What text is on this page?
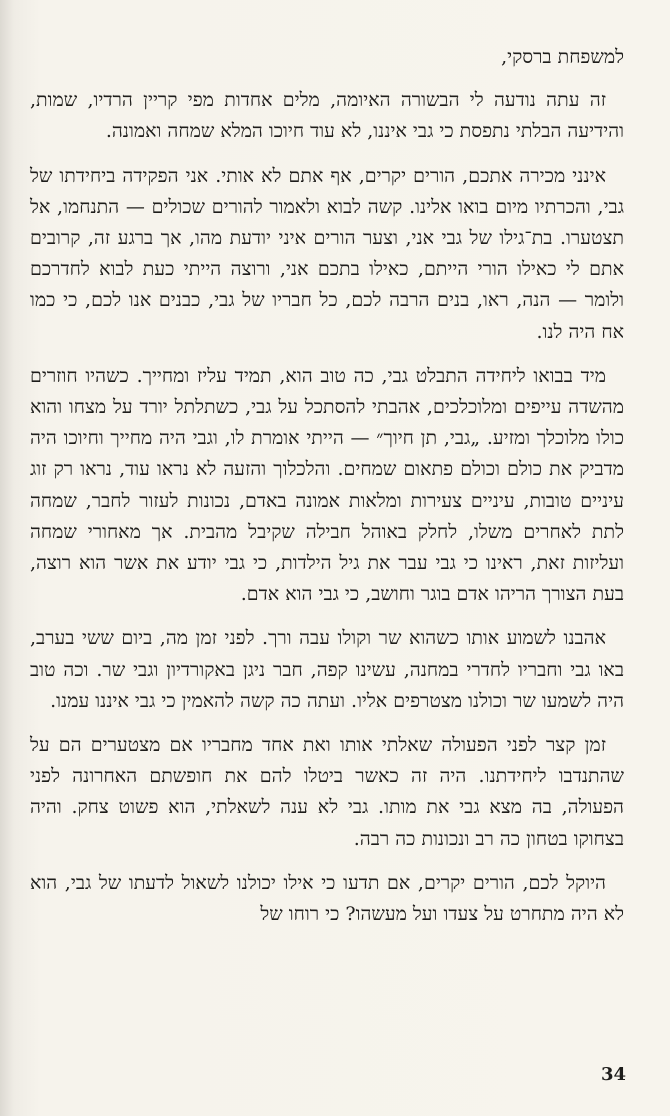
למשפחת ברסקי,

זה עתה נודעה לי הבשורה האיומה, מלים אחדות מפי קריין הרדיו, שמות, והידיעה הבלתי נתפסת כי גבי איננו, לא עוד חיוכו המלא שמחה ואמונה.

אינני מכירה אתכם, הורים יקרים, אף אתם לא אותי. אני הפקידה ביחידתו של גבי, והכרתיו מיום בואו אלינו. קשה לבוא ולאמור להורים שכולים — התנחמו, אל תצטערו. בת־גילו של גבי אני, וצער הורים איני יודעת מהו, אך ברגע זה, קרובים אתם לי כאילו הורי הייתם, כאילו בתכם אני, ורוצה הייתי כעת לבוא לחדרכם ולומר — הנה, ראו, בנים הרבה לכם, כל חבריו של גבי, כבנים אנו לכם, כי כמו אח היה לנו.

מיד בבואו ליחידה התבלט גבי, כה טוב הוא, תמיד עליז ומחייך. כשהיו חוזרים מהשדה עייפים ומלוכלכים, אהבתי להסתכל על גבי, כשתלתל יורד על מצחו והוא כולו מלוכלך ומזיע. „גבי, תן חיוך״ — הייתי אומרת לו, וגבי היה מחייך וחיוכו היה מדביק את כולם וכולם פתאום שמחים. והלכלוך והזעה לא נראו עוד, נראו רק זוג עיניים טובות, עיניים צעירות ומלאות אמונה באדם, נכונות לעזור לחבר, שמחה לתת לאחרים משלו, לחלק באוהל חבילה שקיבל מהבית. אך מאחורי שמחה ועליזות זאת, ראינו כי גבי עבר את גיל הילדות, כי גבי יודע את אשר הוא רוצה, בעת הצורך הריהו אדם בוגר וחושב, כי גבי הוא אדם.

אהבנו לשמוע אותו כשהוא שר וקולו עבה ורך. לפני זמן מה, ביום ששי בערב, באו גבי וחבריו לחדרי במחנה, עשינו קפה, חבר ניגן באקורדיון וגבי שר. וכה טוב היה לשמעו שר וכולנו מצטרפים אליו. ועתה כה קשה להאמין כי גבי איננו עמנו.

זמן קצר לפני הפעולה שאלתי אותו ואת אחד מחבריו אם מצטערים הם על שהתנדבו ליחידתנו. היה זה כאשר ביטלו להם את חופשתם האחרונה לפני הפעולה, בה מצא גבי את מותו. גבי לא ענה לשאלתי, הוא פשוט צחק. והיה בצחוקו בטחון כה רב ונכונות כה רבה.

היוקל לכם, הורים יקרים, אם תדעו כי אילו יכולנו לשאול לדעתו של גבי, הוא לא היה מתחרט על צעדו ועל מעשהו? כי רוחו של

34
